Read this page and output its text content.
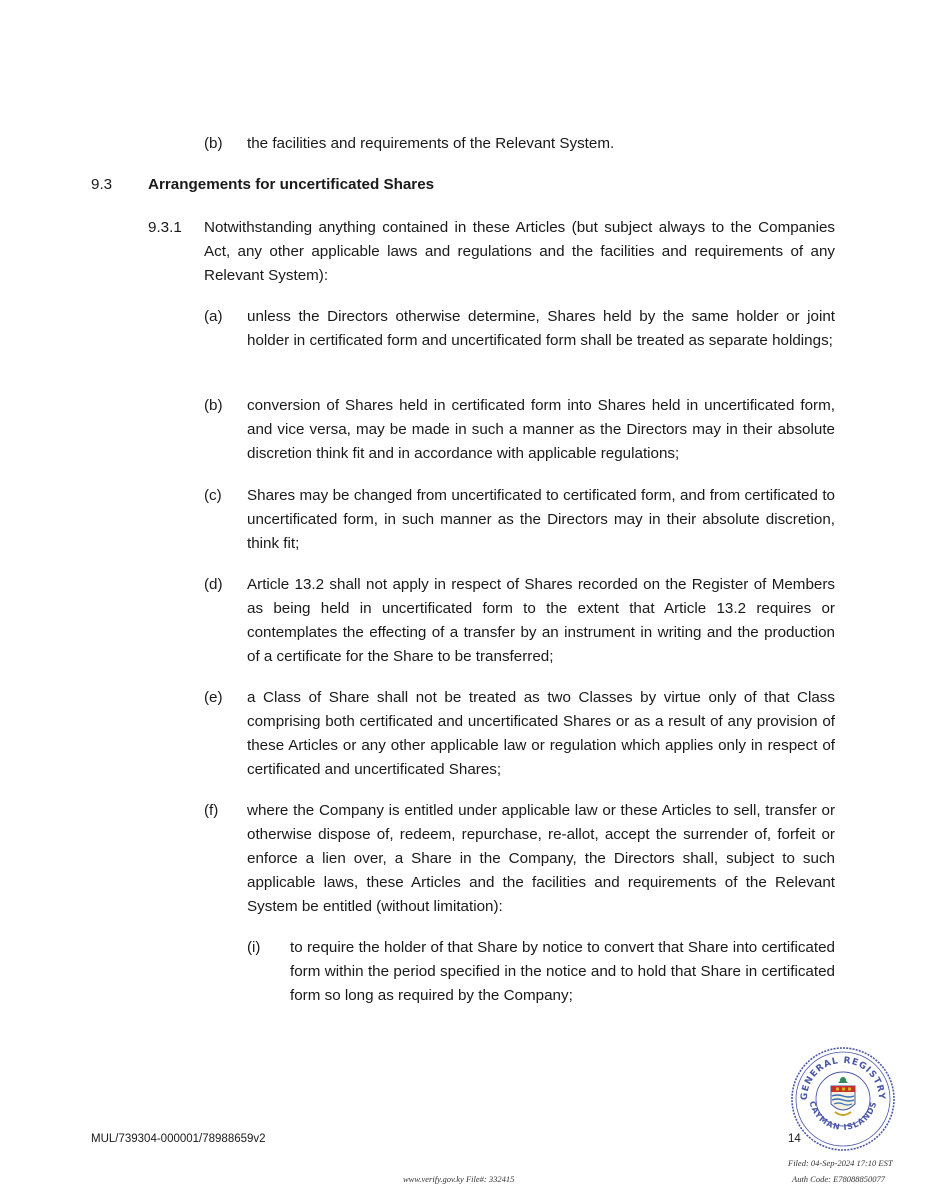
(b) the facilities and requirements of the Relevant System.
9.3 Arrangements for uncertificated Shares
9.3.1 Notwithstanding anything contained in these Articles (but subject always to the Companies Act, any other applicable laws and regulations and the facilities and requirements of any Relevant System):
(a) unless the Directors otherwise determine, Shares held by the same holder or joint holder in certificated form and uncertificated form shall be treated as separate holdings;
(b) conversion of Shares held in certificated form into Shares held in uncertificated form, and vice versa, may be made in such a manner as the Directors may in their absolute discretion think fit and in accordance with applicable regulations;
(c) Shares may be changed from uncertificated to certificated form, and from certificated to uncertificated form, in such manner as the Directors may in their absolute discretion, think fit;
(d) Article 13.2 shall not apply in respect of Shares recorded on the Register of Members as being held in uncertificated form to the extent that Article 13.2 requires or contemplates the effecting of a transfer by an instrument in writing and the production of a certificate for the Share to be transferred;
(e) a Class of Share shall not be treated as two Classes by virtue only of that Class comprising both certificated and uncertificated Shares or as a result of any provision of these Articles or any other applicable law or regulation which applies only in respect of certificated and uncertificated Shares;
(f) where the Company is entitled under applicable law or these Articles to sell, transfer or otherwise dispose of, redeem, repurchase, re-allot, accept the surrender of, forfeit or enforce a lien over, a Share in the Company, the Directors shall, subject to such applicable laws, these Articles and the facilities and requirements of the Relevant System be entitled (without limitation):
(i) to require the holder of that Share by notice to convert that Share into certificated form within the period specified in the notice and to hold that Share in certificated form so long as required by the Company;
MUL/739304-000001/78988659v2	14
Filed: 04-Sep-2024 17:10 EST
Auth Code: E78088850077
www.verify.gov.ky File#: 332415
GENERAL REGISTRY
CAYMAN ISLANDS
